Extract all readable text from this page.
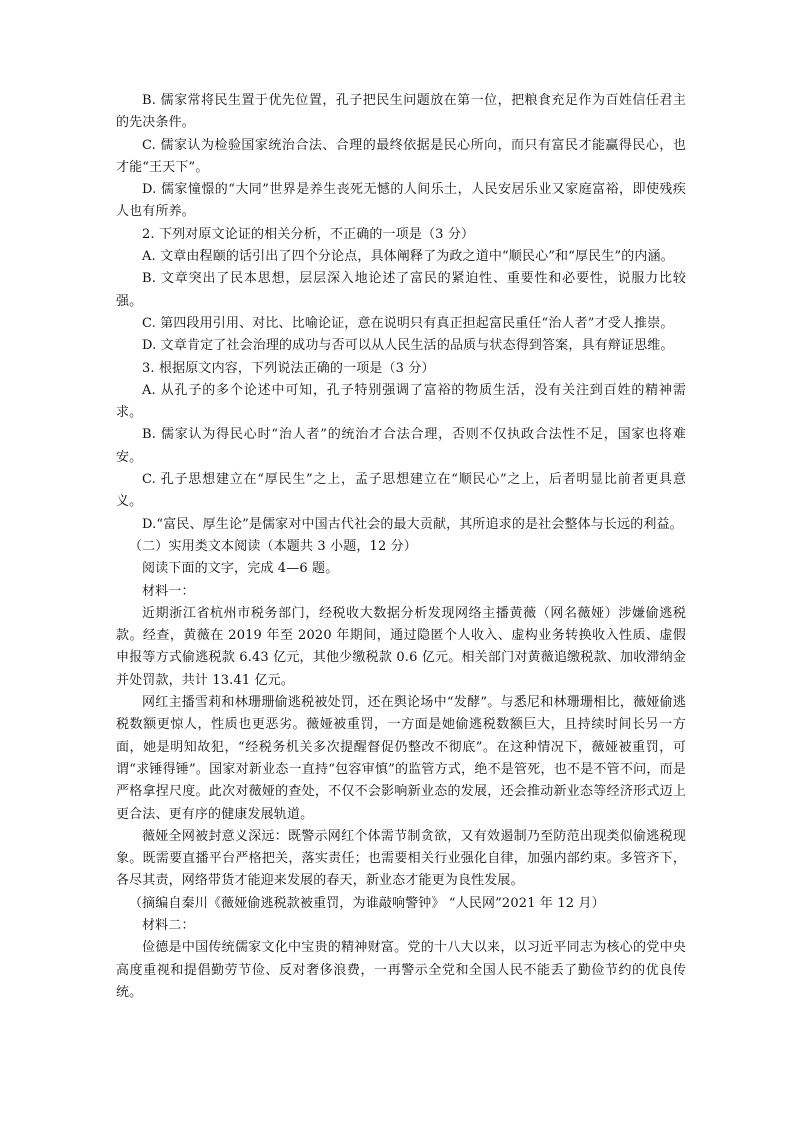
B. 儒家常将民生置于优先位置，孔子把民生问题放在第一位，把粮食充足作为百姓信任君主的先决条件。

C. 儒家认为检验国家统治合法、合理的最终依据是民心所向，而只有富民才能赢得民心，也才能“王天下”。

D. 儒家憧憬的“大同”世界是养生丧死无憾的人间乐土，人民安居乐业又家庭富裕，即使残疾人也有所养。

2. 下列对原文论证的相关分析，不正确的一项是（3 分）

A. 文章由程颐的话引出了四个分论点，具体阐释了为政之道中“顺民心”和“厚民生”的内涵。

B. 文章突出了民本思想，层层深入地论述了富民的紧迫性、重要性和必要性，说服力比较强。

C. 第四段用引用、对比、比喻论证，意在说明只有真正担起富民重任“治人者”才受人推崇。

D. 文章肯定了社会治理的成功与否可以从人民生活的品质与状态得到答案，具有辩证思维。

3. 根据原文内容，下列说法正确的一项是（3 分）

A. 从孔子的多个论述中可知，孔子特别强调了富裕的物质生活，没有关注到百姓的精神需求。

B. 儒家认为得民心时“治人者”的统治才合法合理，否则不仅执政合法性不足，国家也将难安。

C. 孔子思想建立在“厚民生”之上，孟子思想建立在“顺民心”之上，后者明显比前者更具意义。

D.“富民、厚生论”是儒家对中国古代社会的最大贡献，其所追求的是社会整体与长远的利益。

（二）实用类文本阅读（本题共 3 小题，12 分）

阅读下面的文字，完成 4—6 题。

材料一：

近期浙江省杭州市税务部门，经税收大数据分析发现网络主播黄薇（网名薇娅）涉嫌偷逃税款。经查，黄薇在 2019 年至 2020 年期间，通过隐匿个人收入、虚构业务转换收入性质、虚假申报等方式偷逃税款 6.43 亿元，其他少缴税款 0.6 亿元。相关部门对黄薇追缴税款、加收滞纳金并处罚款，共计 13.41 亿元。

网红主播雪莉和林珊珊偷逃税被处罚，还在舆论场中“发酵”。与悉尼和林珊珊相比，薇娅偷逃税数额更惊人，性质也更恶劣。薇娅被重罚，一方面是她偷逃税数额巨大，且持续时间长另一方面，她是明知故犯，“经税务机关多次提醒督促仍整改不彻底”。在这种情况下，薇娅被重罚，可谓“求锤得锤”。国家对新业态一直持“包容审慎”的监管方式，绝不是管死，也不是不管不问，而是严格拿捏尺度。此次对薇娅的查处，不仅不会影响新业态的发展，还会推动新业态等经济形式迈上更合法、更有序的健康发展轨道。

薇娅全网被封意义深远：既警示网红个体需节制贪欲，又有效遏制乃至防范出现类似偷逃税现象。既需要直播平台严格把关，落实责任；也需要相关行业强化自律，加强内部约束。多管齐下，各尽其责，网络带货才能迎来发展的春天，新业态才能更为良性发展。

（摘编自秦川《薇娅偷逃税款被重罚，为谁敲响警钟》 “人民网”2021 年 12 月）

材料二：

俭德是中国传统儒家文化中宝贵的精神财富。党的十八大以来，以习近平同志为核心的党中央高度重视和提倡勤劳节俭、反对奢侈浪费，一再警示全党和全国人民不能丢了勤俭节约的优良传统。
